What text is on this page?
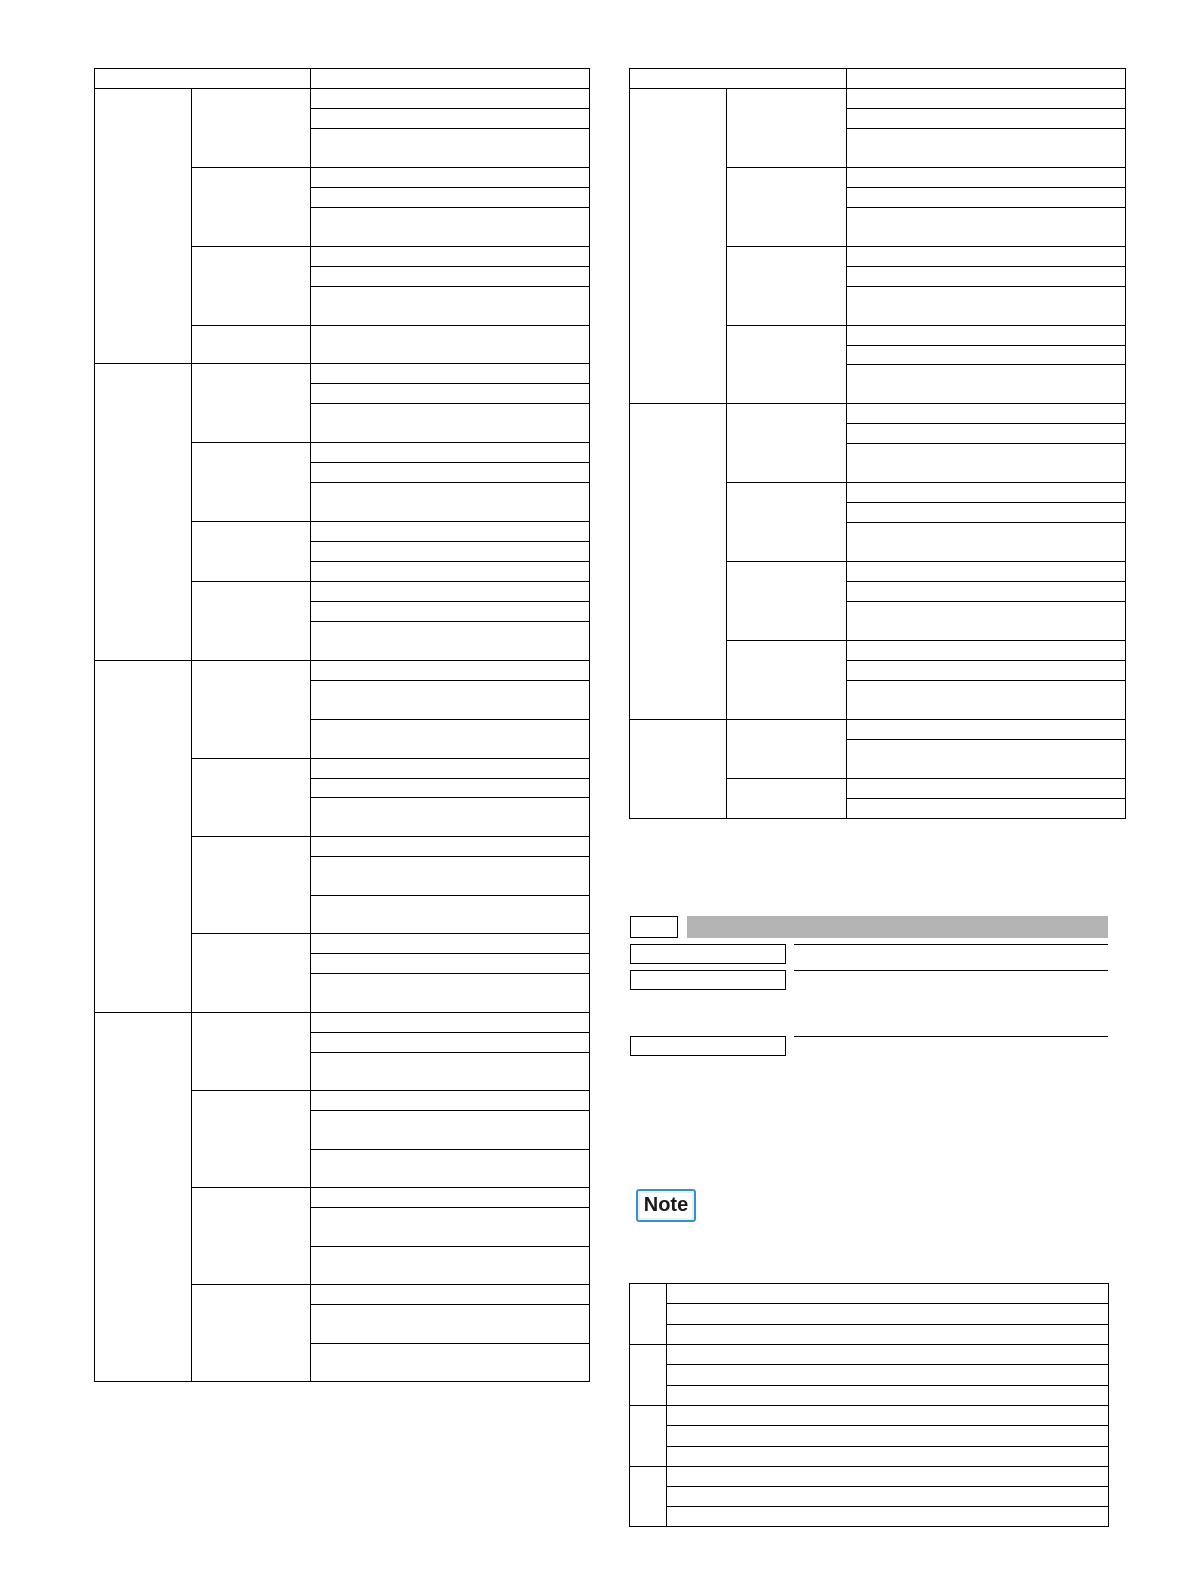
Note
